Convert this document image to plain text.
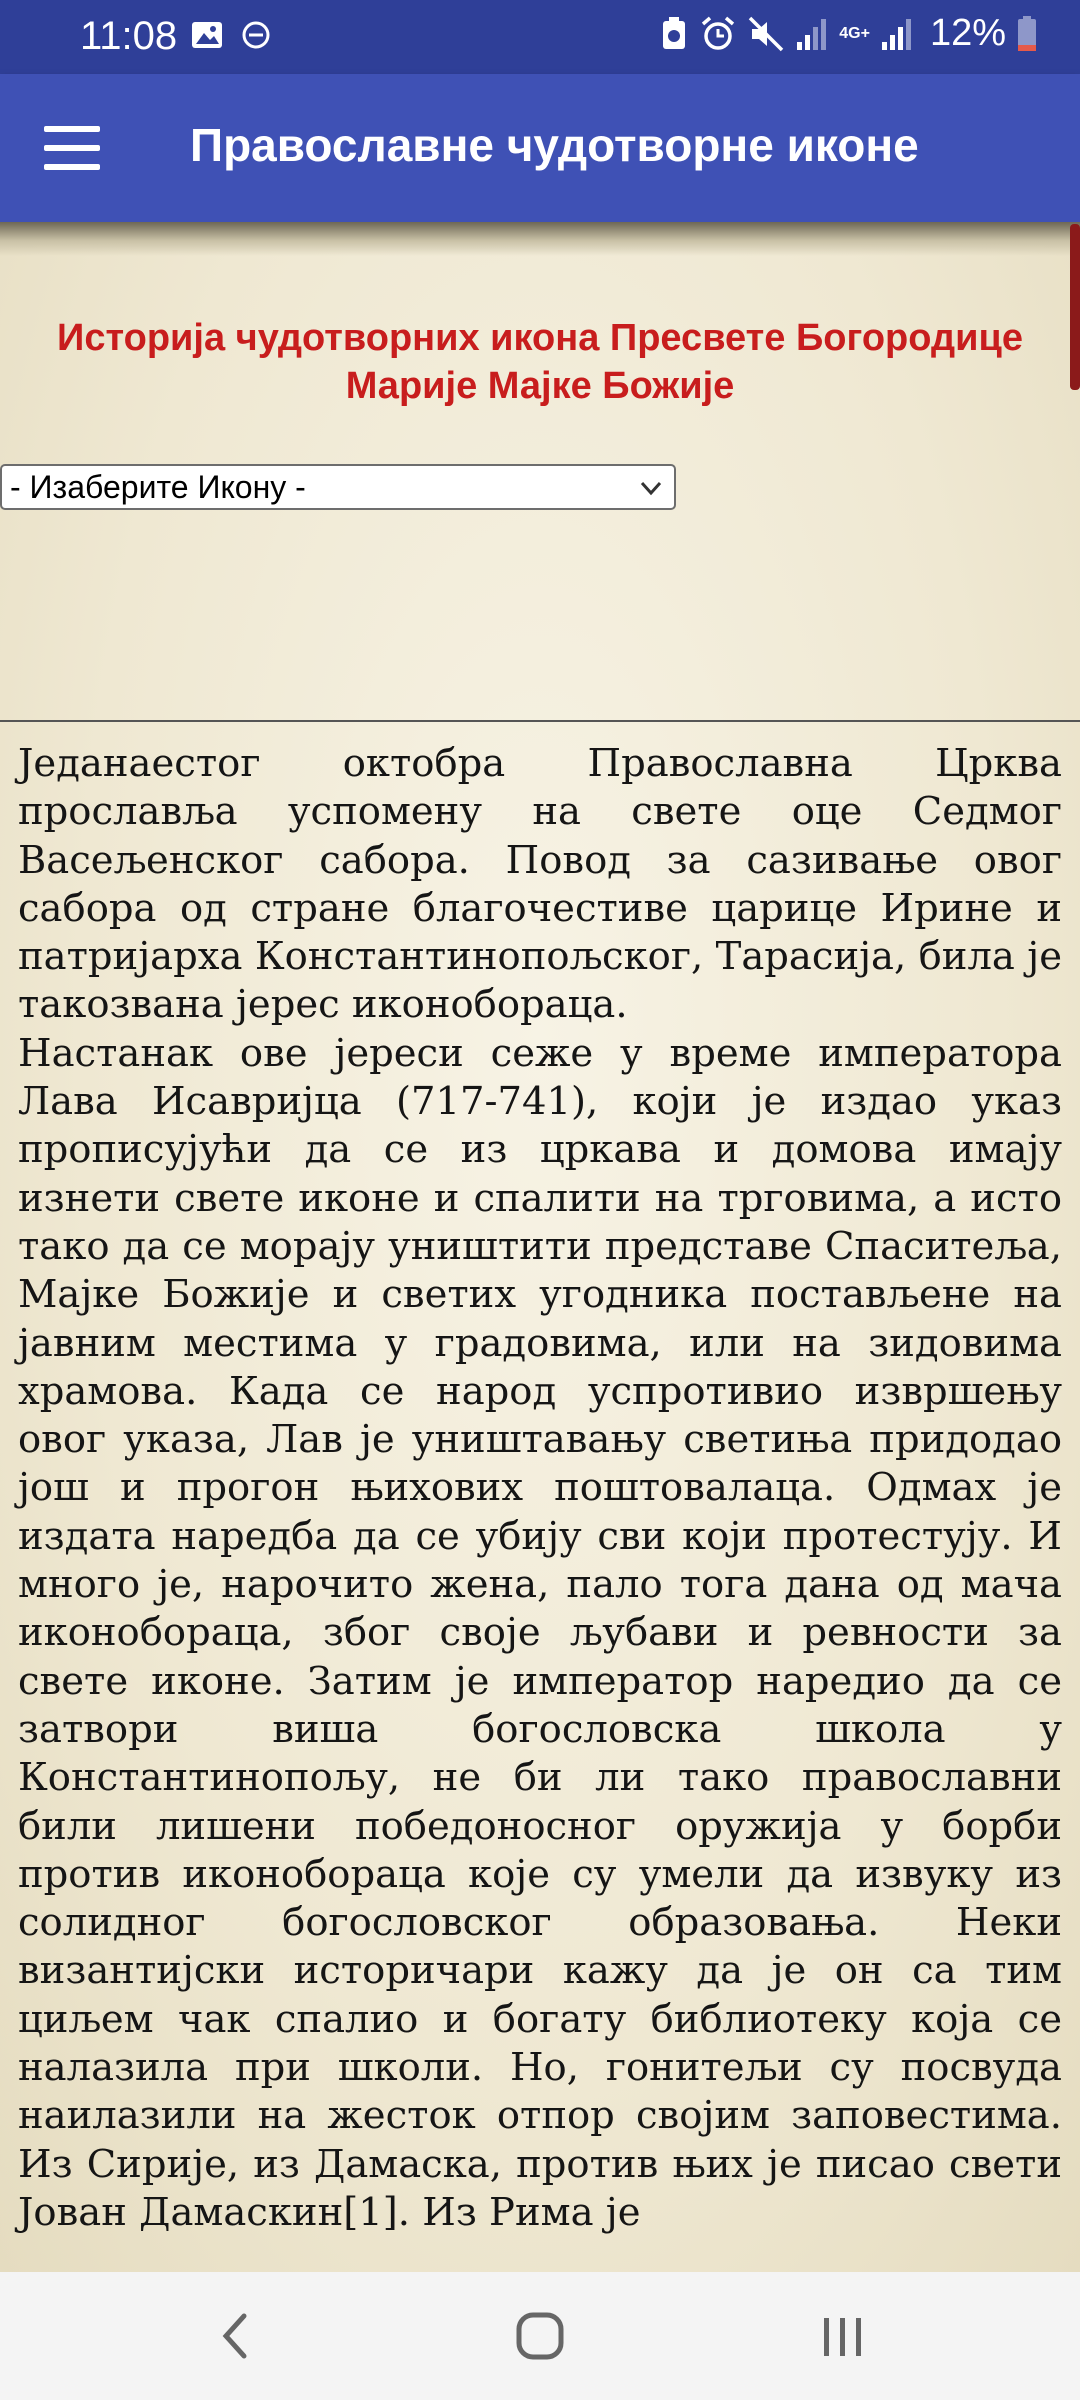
11:08	4G+ 12%
Православне чудотворне иконе
Историја чудотворних икона Пресвете Богородице
Марије Мајке Божије
- Изаберите Икону -

Једанаестог октобра Православна Црква прослављa успомену на свете оце Седмог Васељенског сабора. Повод за сазивање овог сабора од стране благочестиве царице Ирине и патријарха Константинопољског, Тарасија, била је такозвана јерес иконобораца.

Настанак ове јереси сеже у време императора Лава Исавријца (717-741), који је издао указ прописујући да се из цркава и домова имају изнети свете иконе и спалити на трговима, а исто тако да се морају уништити представе Спаситеља, Мајке Божије и светих угодника постављене на јавним местима у градовима, или на зидовима храмова. Када се народ успротивио извршењу овог указа, Лав је уништавању светиња придодао још и прогон њихових поштовалаца. Одмах је издата наредба да се убију сви који протестују. И много је, нарочито жена, пало тога дана од мача иконобораца, због своје љубави и ревности за свете иконе. Затим је император наредио да се затвори виша богословска школа у Константинопољу, не би ли тако православни били лишени победоносног оружија у борби против иконобораца које су умели да извуку из солидног богословског образовања. Неки византијски историчари кажу да је он са тим циљем чак спалио и богату библиотеку која се налазила при школи. Но, гонитељи су посвуда наилазили на жесток отпор својим заповестима. Из Сирије, из Дамаска, против њих је писао свети Јован Дамаскин[1]. Из Рима је
